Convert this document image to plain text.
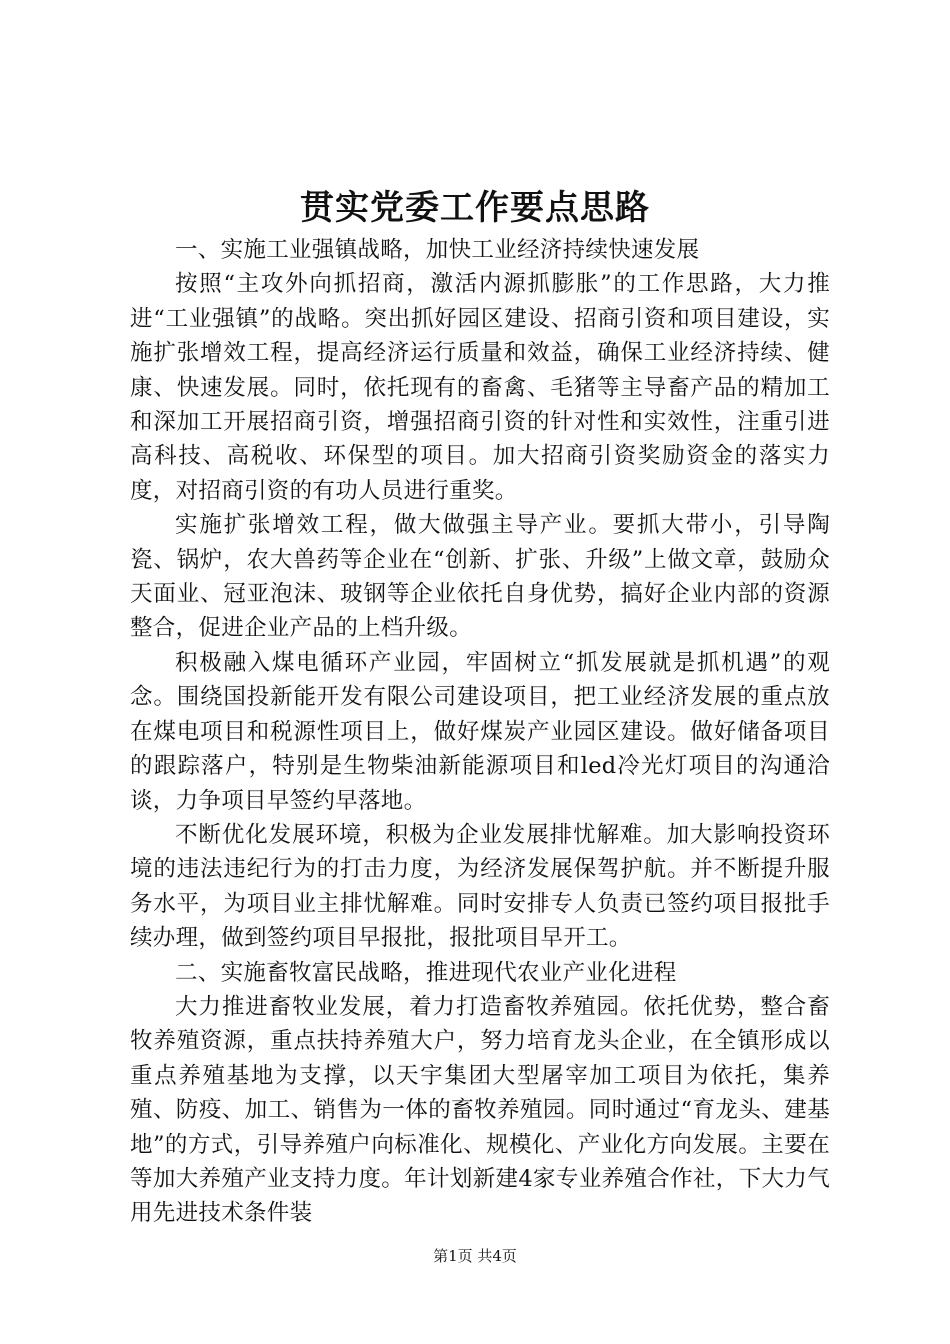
贯实党委工作要点思路

一、实施工业强镇战略，加快工业经济持续快速发展

按照“主攻外向抓招商，激活内源抓膨胀”的工作思路，大力推进“工业强镇”的战略。突出抓好园区建设、招商引资和项目建设，实施扩张增效工程，提高经济运行质量和效益，确保工业经济持续、健康、快速发展。同时，依托现有的畜禽、毛猪等主导畜产品的精加工和深加工开展招商引资，增强招商引资的针对性和实效性，注重引进高科技、高税收、环保型的项目。加大招商引资奖励资金的落实力度，对招商引资的有功人员进行重奖。

实施扩张增效工程，做大做强主导产业。要抓大带小，引导陶瓷、锅炉，农大兽药等企业在“创新、扩张、升级”上做文章，鼓励众天面业、冠亚泡沫、玻钢等企业依托自身优势，搞好企业内部的资源整合，促进企业产品的上档升级。

积极融入煤电循环产业园，牢固树立“抓发展就是抓机遇”的观念。围绕国投新能开发有限公司建设项目，把工业经济发展的重点放在煤电项目和税源性项目上，做好煤炭产业园区建设。做好储备项目的跟踪落户，特别是生物柴油新能源项目和led冷光灯项目的沟通洽谈，力争项目早签约早落地。

不断优化发展环境，积极为企业发展排忧解难。加大影响投资环境的违法违纪行为的打击力度，为经济发展保驾护航。并不断提升服务水平，为项目业主排忧解难。同时安排专人负责已签约项目报批手续办理，做到签约项目早报批，报批项目早开工。

二、实施畜牧富民战略，推进现代农业产业化进程

大力推进畜牧业发展，着力打造畜牧养殖园。依托优势，整合畜牧养殖资源，重点扶持养殖大户，努力培育龙头企业，在全镇形成以重点养殖基地为支撑，以天宇集团大型屠宰加工项目为依托，集养殖、防疫、加工、销售为一体的畜牧养殖园。同时通过“育龙头、建基地”的方式，引导养殖户向标准化、规模化、产业化方向发展。主要在等加大养殖产业支持力度。年计划新建4家专业养殖合作社，下大力气用先进技术条件装

第1页 共4页
